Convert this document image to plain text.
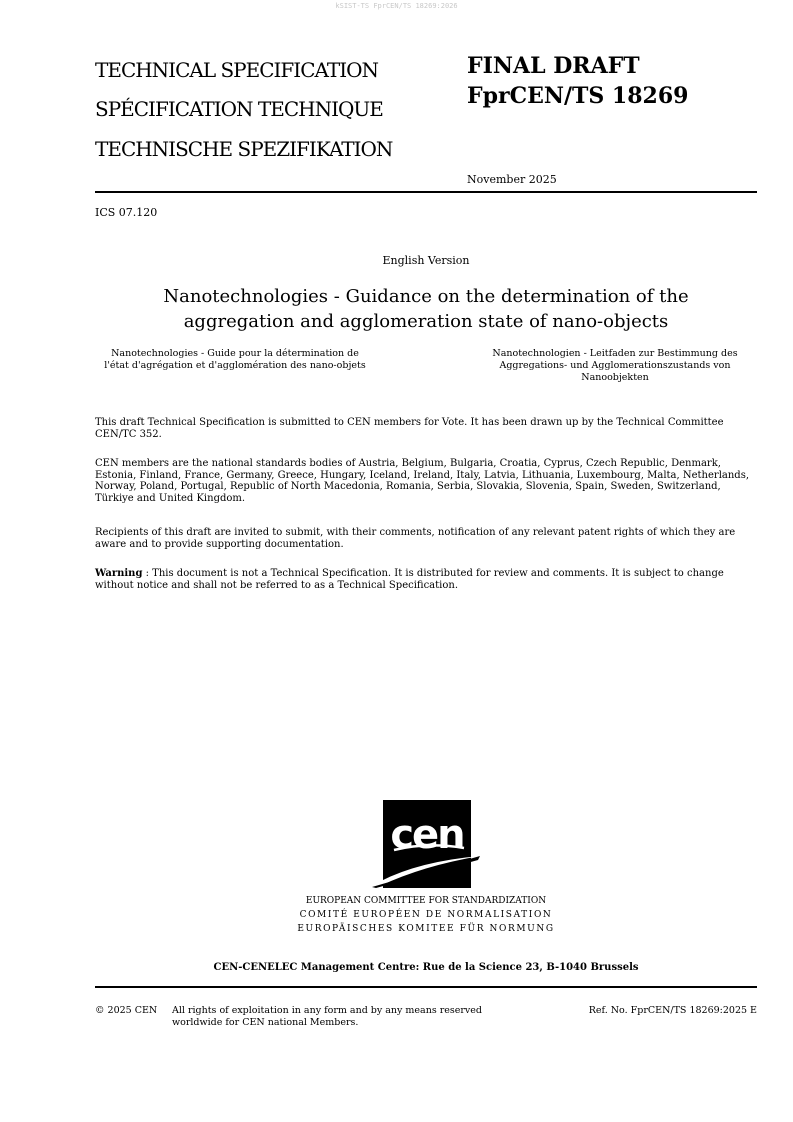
kSIST-TS FprCEN/TS 18269:2026
TECHNICAL SPECIFICATION
SPÉCIFICATION TECHNIQUE
TECHNISCHE SPEZIFIKATION
FINAL DRAFT
FprCEN/TS 18269
November 2025
ICS 07.120
English Version
Nanotechnologies - Guidance on the determination of the
aggregation and agglomeration state of nano-objects
Nanotechnologies - Guide pour la détermination de
l'état d'agrégation et d'agglomération des nano-objets
Nanotechnologien - Leitfaden zur Bestimmung des
Aggregations- und Agglomerationszustands von
Nanoobjekten
This draft Technical Specification is submitted to CEN members for Vote. It has been drawn up by the Technical Committee CEN/TC 352.
CEN members are the national standards bodies of Austria, Belgium, Bulgaria, Croatia, Cyprus, Czech Republic, Denmark, Estonia, Finland, France, Germany, Greece, Hungary, Iceland, Ireland, Italy, Latvia, Lithuania, Luxembourg, Malta, Netherlands, Norway, Poland, Portugal, Republic of North Macedonia, Romania, Serbia, Slovakia, Slovenia, Spain, Sweden, Switzerland, Türkiye and United Kingdom.
Recipients of this draft are invited to submit, with their comments, notification of any relevant patent rights of which they are aware and to provide supporting documentation.
Warning : This document is not a Technical Specification. It is distributed for review and comments. It is subject to change without notice and shall not be referred to as a Technical Specification.
cen
EUROPEAN COMMITTEE FOR STANDARDIZATION
COMITÉ EUROPÉEN DE NORMALISATION
EUROPÄISCHES KOMITEE FÜR NORMUNG
CEN-CENELEC Management Centre: Rue de la Science 23, B-1040 Brussels
© 2025 CEN All rights of exploitation in any form and by any means reserved
worldwide for CEN national Members.
Ref. No. FprCEN/TS 18269:2025 E
